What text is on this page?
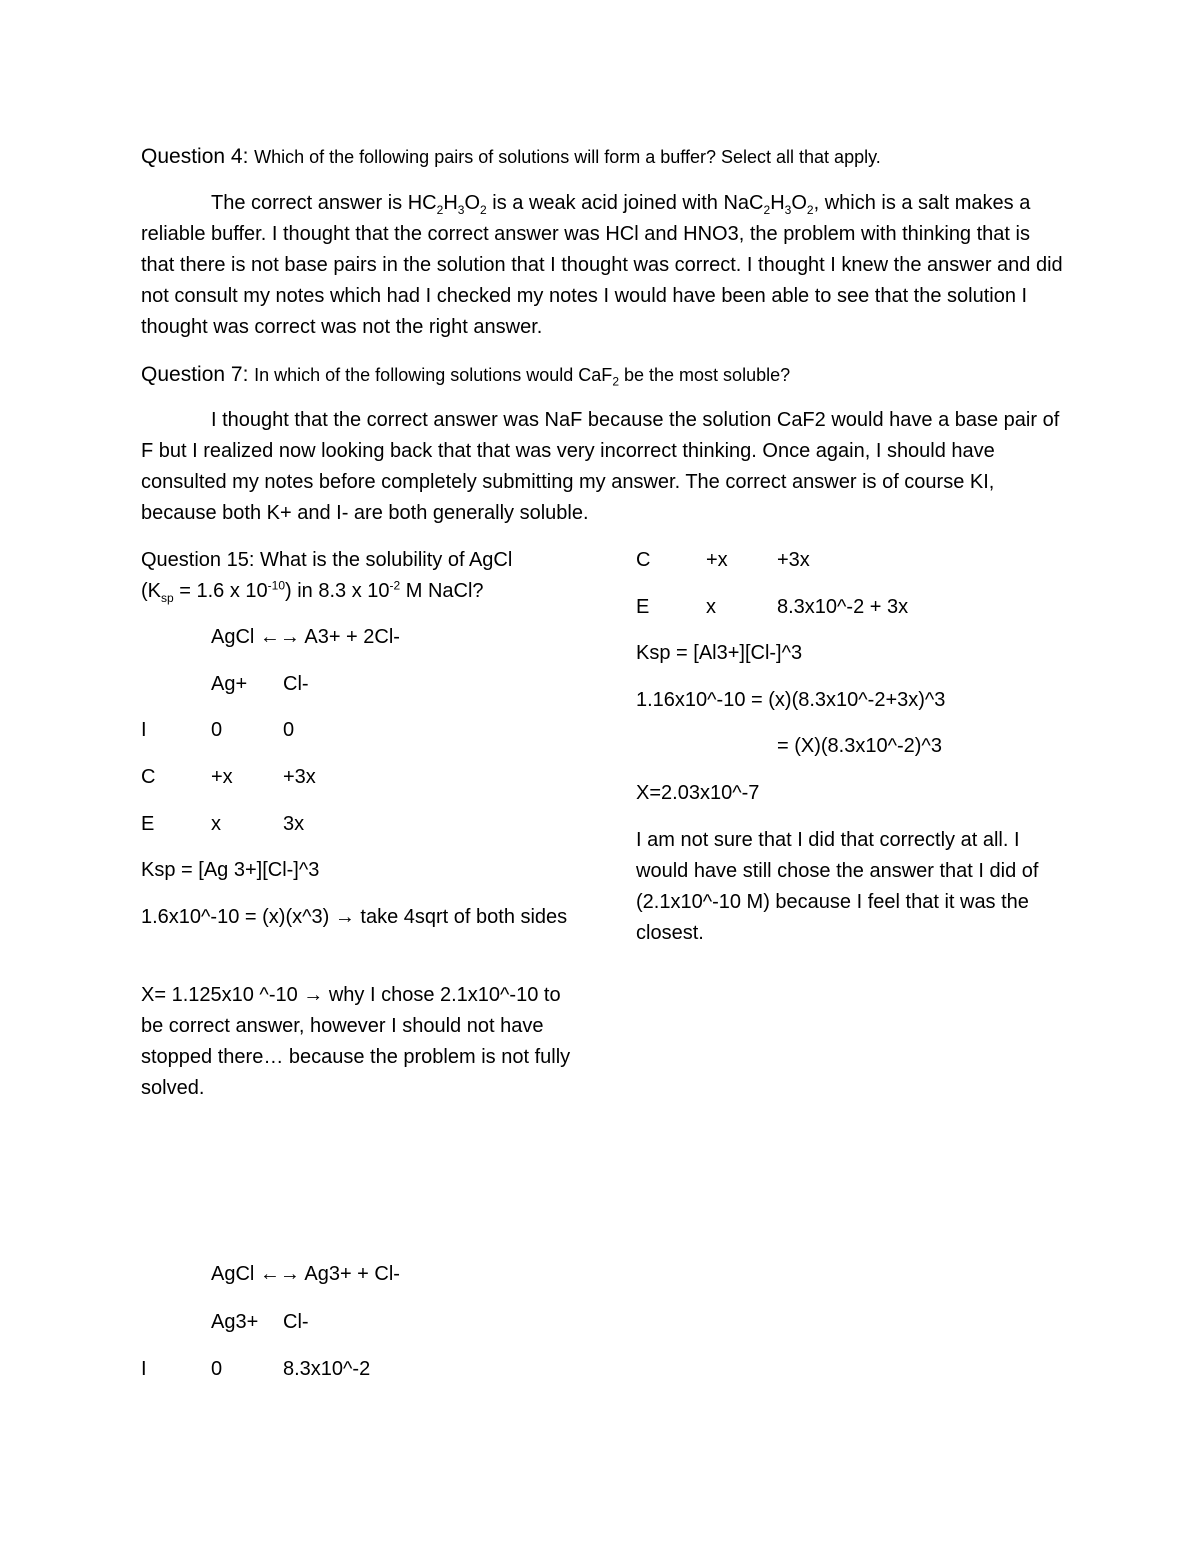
Question 4: Which of the following pairs of solutions will form a buffer? Select all that apply.
The correct answer is $HC_2H_3O_2$ is a weak acid joined with $NaC_2H_3O_2$, which is a salt makes a reliable buffer. I thought that the correct answer was HCl and HNO3, the problem with thinking that is that there is not base pairs in the solution that I thought was correct. I thought I knew the answer and did not consult my notes which had I checked my notes I would have been able to see that the solution I thought was correct was not the right answer.
Question 7: In which of the following solutions would CaF$_2$ be the most soluble?
I thought that the correct answer was NaF because the solution CaF2 would have a base pair of F but I realized now looking back that that was very incorrect thinking. Once again, I should have consulted my notes before completely submitting my answer. The correct answer is of course KI, because both K+ and I- are both generally soluble.
Question 15: What is the solubility of AgCl
($K_{sp} = 1.6$ x $10^{-10}$) in 8.3 x $10^{-2}$ M NaCl?
AgCl ←→ A3+ + 2Cl-
Ag+ Cl-
I	0	0
C	+x	+3x
E	x	3x
Ksp = [Ag 3+][Cl-]^3
1.6x10^-10 = (x)(x^3) → take 4sqrt of both sides
X= 1.125x10 ^-10 → why I chose 2.1x10^-10 to be correct answer, however I should not have stopped there… because the problem is not fully solved.
C	+x +3x
E	x	8.3x10^-2 + 3x
Ksp = [Al3+][Cl-]^3
1.16x10^-10 = (x)(8.3x10^-2+3x)^3
= (X)(8.3x10^-2)^3
X=2.03x10^-7
I am not sure that I did that correctly at all. I would have still chose the answer that I did of (2.1x10^-10 M) because I feel that it was the closest.
AgCl ←→ Ag3+ + Cl-
Ag3+ Cl-
I	0	8.3x10^-2
